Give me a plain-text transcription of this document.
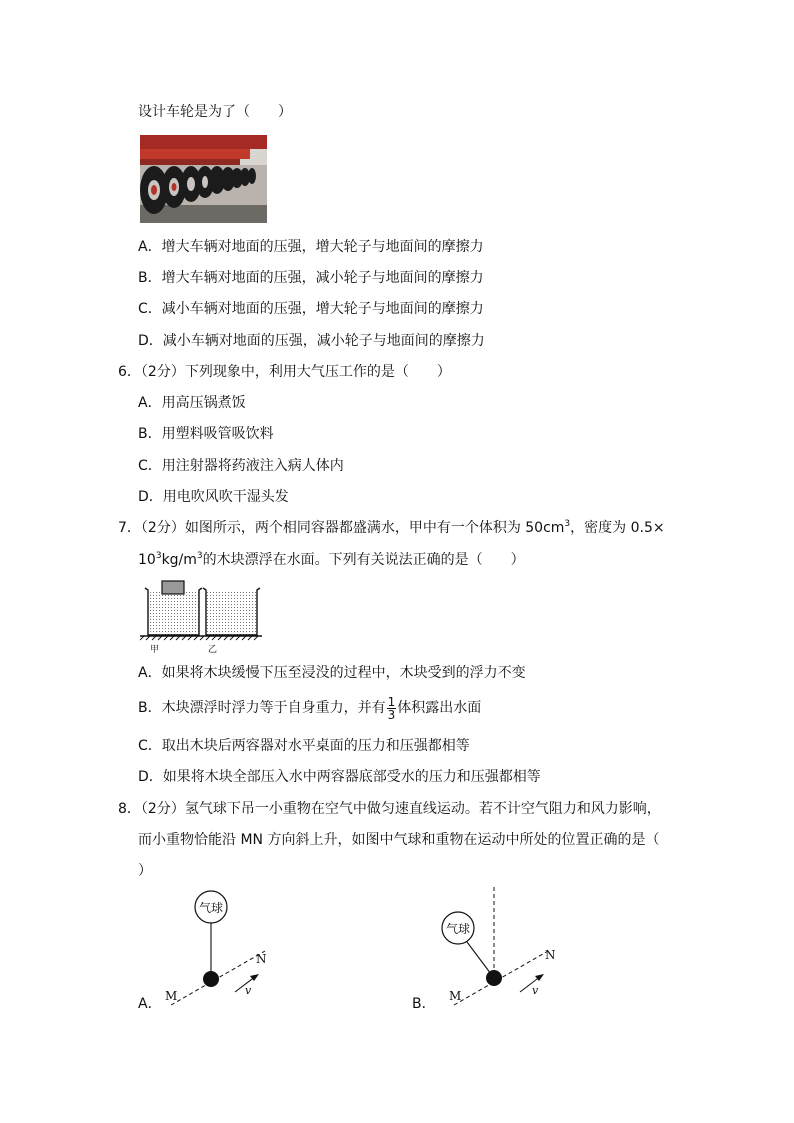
设计车轮是为了（　　）
A．增大车辆对地面的压强，增大轮子与地面间的摩擦力
B．增大车辆对地面的压强，减小轮子与地面间的摩擦力
C．减小车辆对地面的压强，增大轮子与地面间的摩擦力
D．减小车辆对地面的压强，减小轮子与地面间的摩擦力
6．（2分）下列现象中，利用大气压工作的是（　　）
A．用高压锅煮饭
B．用塑料吸管吸饮料
C．用注射器将药液注入病人体内
D．用电吹风吹干湿头发
7．（2分）如图所示，两个相同容器都盛满水，甲中有一个体积为 $50cm^3$，密度为 0.5×
$10^3kg/m^3$的木块漂浮在水面。下列有关说法正确的是（　　）
甲	乙
A．如果将木块缓慢下压至浸没的过程中，木块受到的浮力不变
B．木块漂浮时浮力等于自身重力，并有 $\frac{1}{3}$ 体积露出水面
C．取出木块后两容器对水平桌面的压力和压强都相等
D．如果将木块全部压入水中两容器底部受水的压力和压强都相等
8．（2分）氢气球下吊一小重物在空气中做匀速直线运动。若不计空气阻力和风力影响，
而小重物恰能沿 MN 方向斜上升，如图中气球和重物在运动中所处的位置正确的是（
）
气球
M
N
v
A．
气球
M
N
v
B．
